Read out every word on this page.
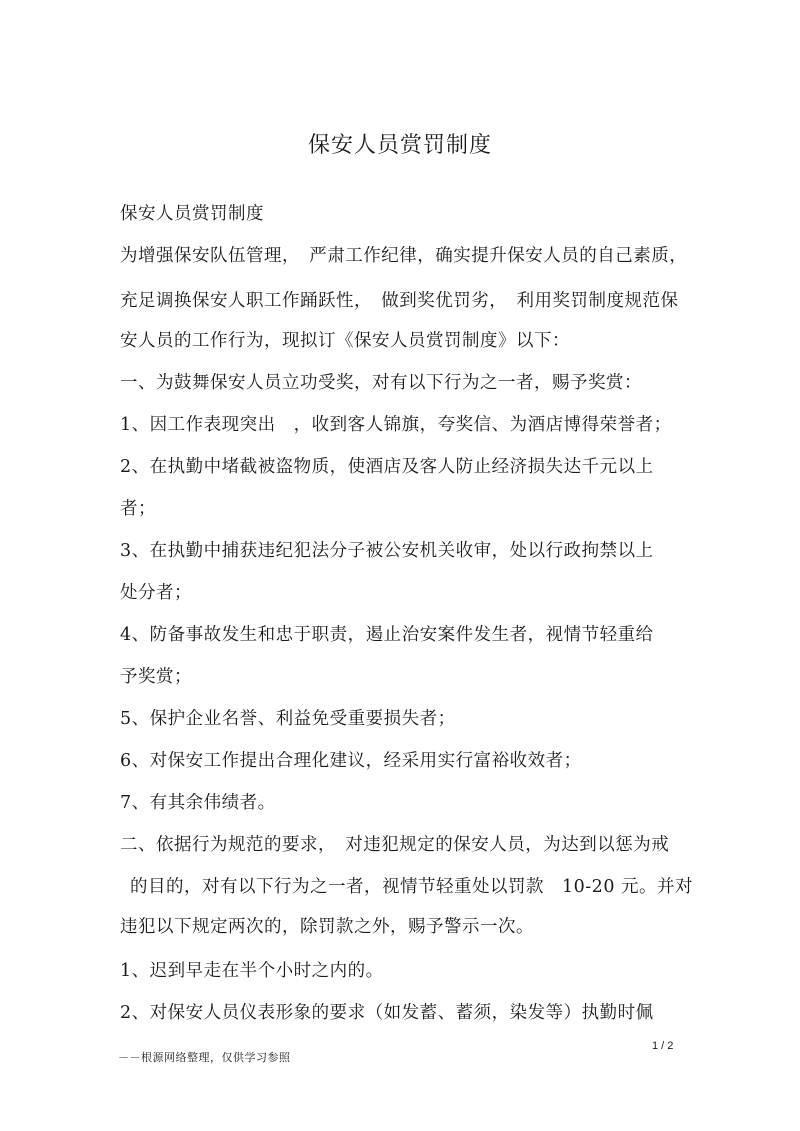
保安人员赏罚制度
保安人员赏罚制度
为增强保安队伍管理，　严肃工作纪律，确实提升保安人员的自己素质，
充足调换保安人职工作踊跃性，　做到奖优罚劣，　利用奖罚制度规范保
安人员的工作行为，现拟订《保安人员赏罚制度》以下：
一、为鼓舞保安人员立功受奖，对有以下行为之一者，赐予奖赏：
1、因工作表现突出　，收到客人锦旗，夸奖信、为酒店博得荣誉者；
2、在执勤中堵截被盗物质，使酒店及客人防止经济损失达千元以上
者；
3、在执勤中捕获违纪犯法分子被公安机关收审，处以行政拘禁以上
处分者；
4、防备事故发生和忠于职责，遏止治安案件发生者，视情节轻重给
予奖赏；
5、保护企业名誉、利益免受重要损失者；
6、对保安工作提出合理化建议，经采用实行富裕收效者；
7、有其余伟绩者。
二、依据行为规范的要求，　对违犯规定的保安人员，为达到以惩为戒
的目的，对有以下行为之一者，视情节轻重处以罚款　10-20 元。并对
违犯以下规定两次的，除罚款之外，赐予警示一次。
1、迟到早走在半个小时之内的。
2、对保安人员仪表形象的要求（如发蓄、蓄须，染发等）执勤时佩
1 / 2
－－根源网络整理，仅供学习参照
